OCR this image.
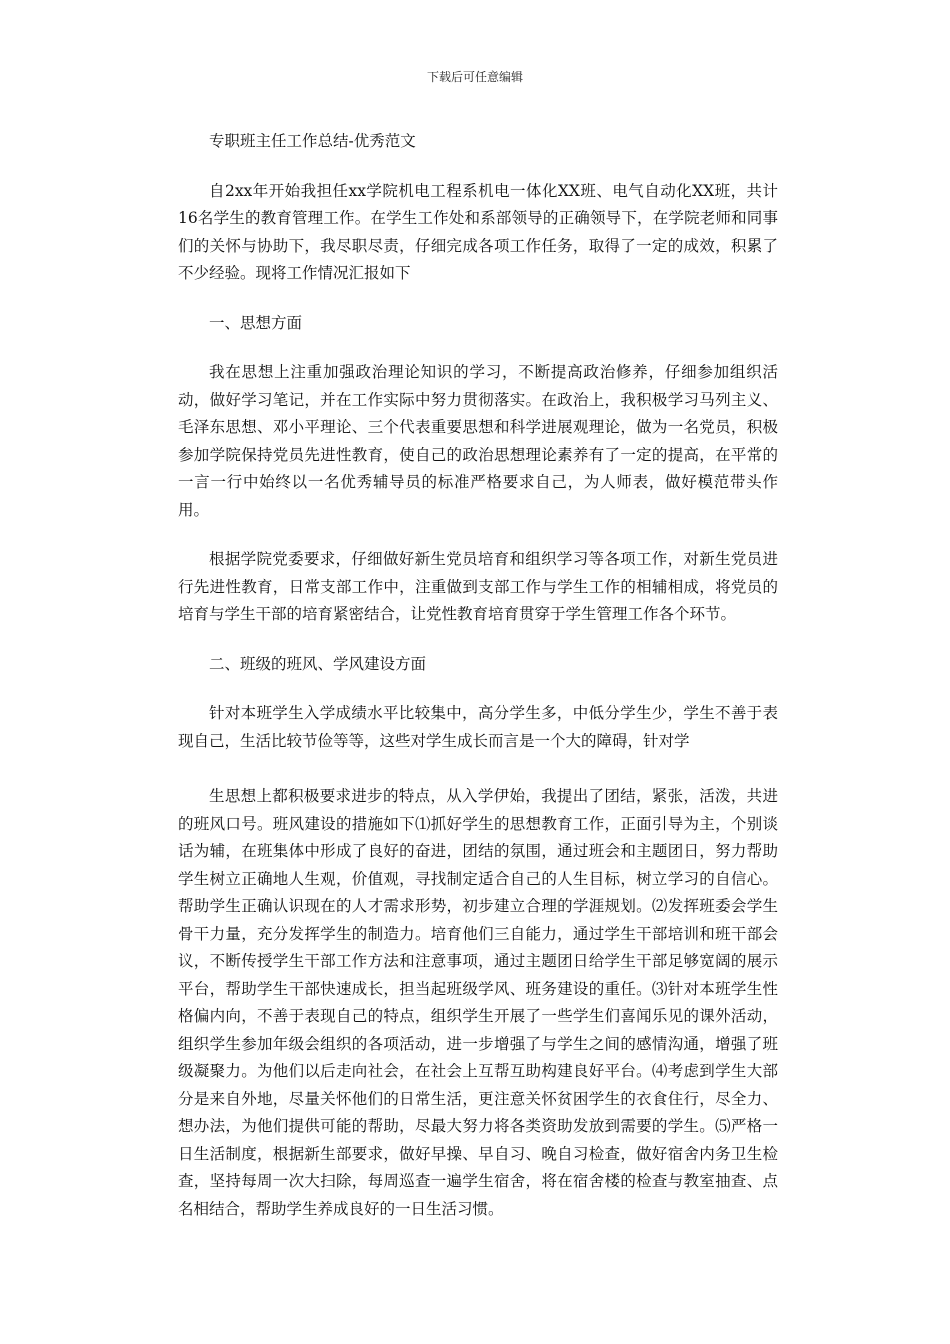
下载后可任意编辑

专职班主任工作总结-优秀范文

自2xx年开始我担任xx学院机电工程系机电一体化XX班、电气自动化XX班，共计16名学生的教育管理工作。在学生工作处和系部领导的正确领导下，在学院老师和同事们的关怀与协助下，我尽职尽责，仔细完成各项工作任务，取得了一定的成效，积累了不少经验。现将工作情况汇报如下

一、思想方面

我在思想上注重加强政治理论知识的学习，不断提高政治修养，仔细参加组织活动，做好学习笔记，并在工作实际中努力贯彻落实。在政治上，我积极学习马列主义、毛泽东思想、邓小平理论、三个代表重要思想和科学进展观理论，做为一名党员，积极参加学院保持党员先进性教育，使自己的政治思想理论素养有了一定的提高，在平常的一言一行中始终以一名优秀辅导员的标准严格要求自己，为人师表，做好模范带头作用。

根据学院党委要求，仔细做好新生党员培育和组织学习等各项工作，对新生党员进行先进性教育，日常支部工作中，注重做到支部工作与学生工作的相辅相成，将党员的培育与学生干部的培育紧密结合，让党性教育培育贯穿于学生管理工作各个环节。

二、班级的班风、学风建设方面

针对本班学生入学成绩水平比较集中，高分学生多，中低分学生少，学生不善于表现自己，生活比较节俭等等，这些对学生成长而言是一个大的障碍，针对学

生思想上都积极要求进步的特点，从入学伊始，我提出了团结，紧张，活泼，共进的班风口号。班风建设的措施如下⑴抓好学生的思想教育工作，正面引导为主，个别谈话为辅，在班集体中形成了良好的奋进，团结的氛围，通过班会和主题团日，努力帮助学生树立正确地人生观，价值观，寻找制定适合自己的人生目标，树立学习的自信心。帮助学生正确认识现在的人才需求形势，初步建立合理的学涯规划。⑵发挥班委会学生骨干力量，充分发挥学生的制造力。培育他们三自能力，通过学生干部培训和班干部会议，不断传授学生干部工作方法和注意事项，通过主题团日给学生干部足够宽阔的展示平台，帮助学生干部快速成长，担当起班级学风、班务建设的重任。⑶针对本班学生性格偏内向，不善于表现自己的特点，组织学生开展了一些学生们喜闻乐见的课外活动，组织学生参加年级会组织的各项活动，进一步增强了与学生之间的感情沟通，增强了班级凝聚力。为他们以后走向社会，在社会上互帮互助构建良好平台。⑷考虑到学生大部分是来自外地，尽量关怀他们的日常生活，更注意关怀贫困学生的衣食住行，尽全力、想办法，为他们提供可能的帮助，尽最大努力将各类资助发放到需要的学生。⑸严格一日生活制度，根据新生部要求，做好早操、早自习、晚自习检查，做好宿舍内务卫生检查，坚持每周一次大扫除，每周巡查一遍学生宿舍，将在宿舍楼的检查与教室抽查、点名相结合，帮助学生养成良好的一日生活习惯。
